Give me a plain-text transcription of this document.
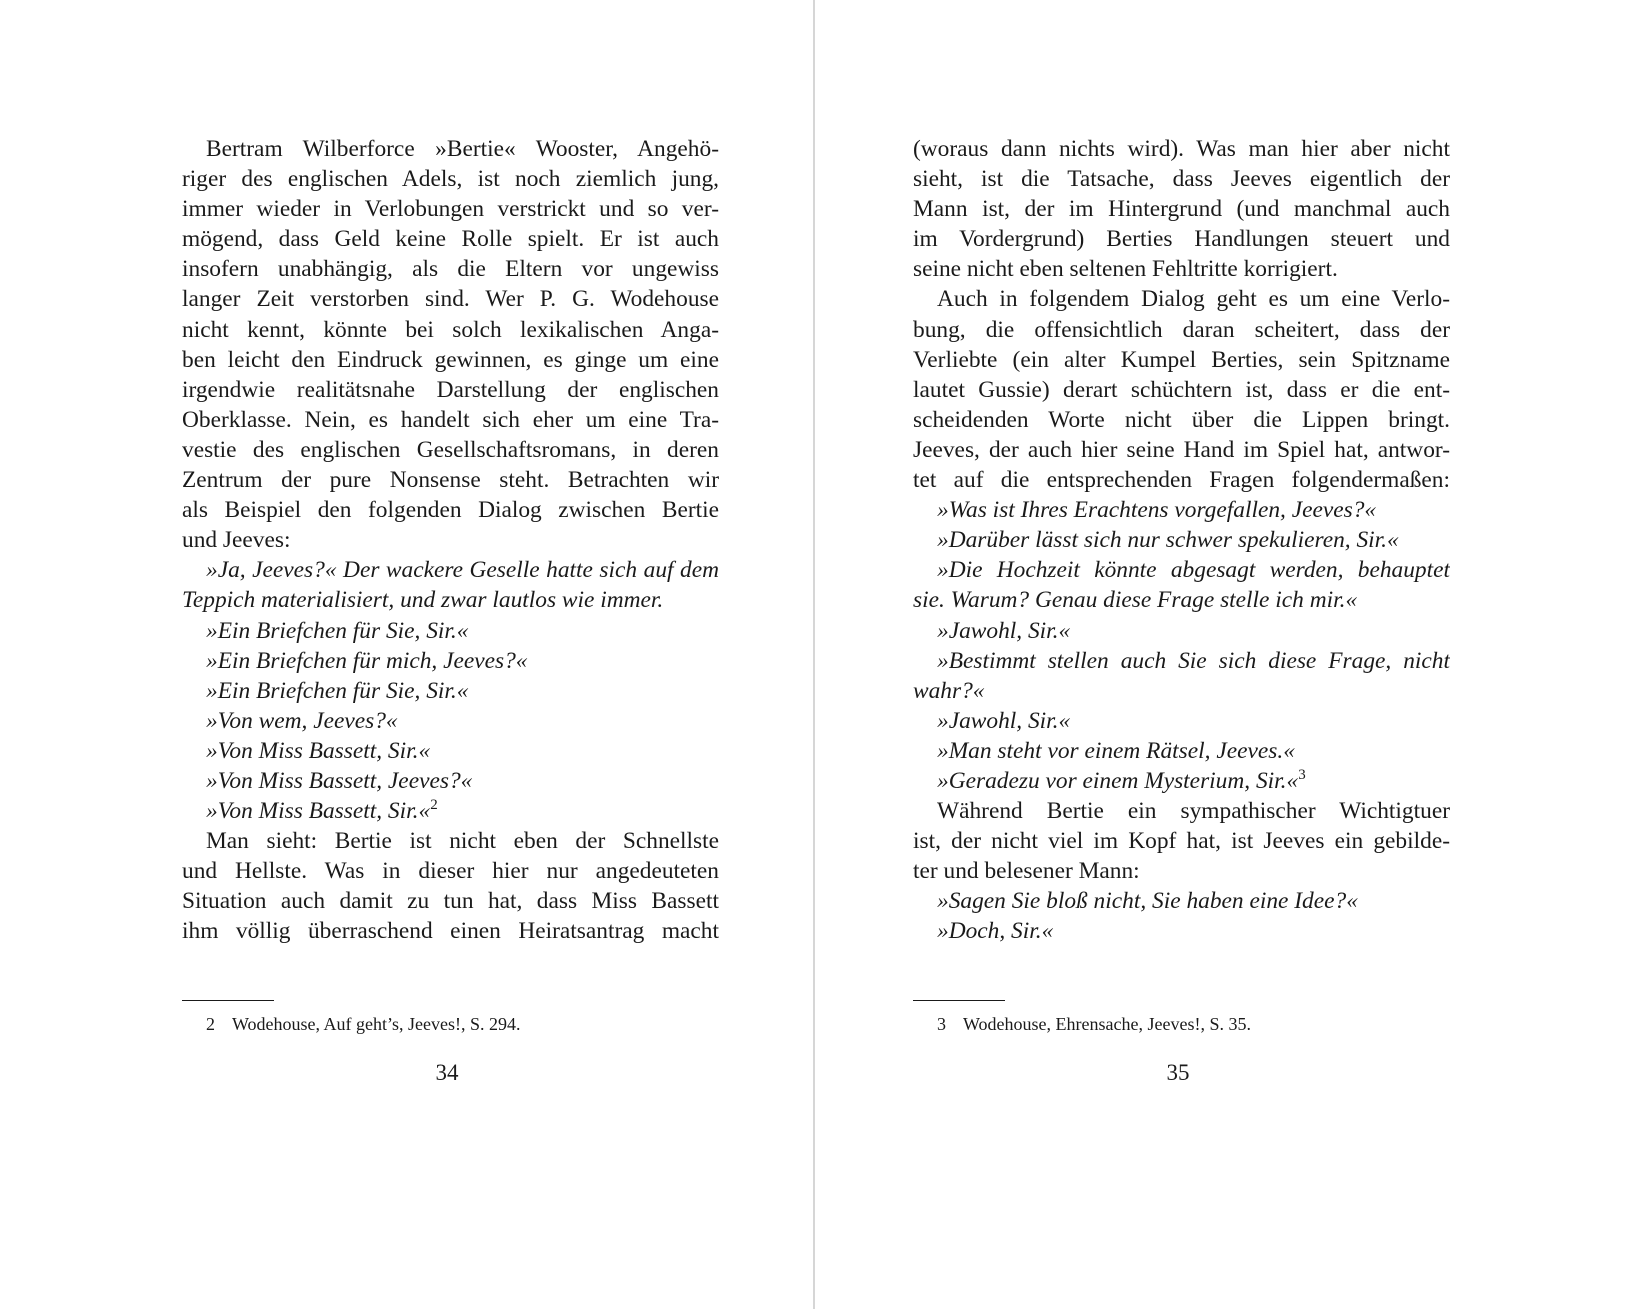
Bertram Wilberforce »Bertie« Wooster, Angehö-
riger des englischen Adels, ist noch ziemlich jung,
immer wieder in Verlobungen verstrickt und so ver-
mögend, dass Geld keine Rolle spielt. Er ist auch
insofern unabhängig, als die Eltern vor ungewiss
langer Zeit verstorben sind. Wer P. G. Wodehouse
nicht kennt, könnte bei solch lexikalischen Anga-
ben leicht den Eindruck gewinnen, es ginge um eine
irgendwie realitätsnahe Darstellung der englischen
Oberklasse. Nein, es handelt sich eher um eine Tra-
vestie des englischen Gesellschaftsromans, in deren
Zentrum der pure Nonsense steht. Betrachten wir
als Beispiel den folgenden Dialog zwischen Bertie
und Jeeves:
»Ja, Jeeves?« Der wackere Geselle hatte sich auf dem
Teppich materialisiert, und zwar lautlos wie immer.
»Ein Briefchen für Sie, Sir.«
»Ein Briefchen für mich, Jeeves?«
»Ein Briefchen für Sie, Sir.«
»Von wem, Jeeves?«
»Von Miss Bassett, Sir.«
»Von Miss Bassett, Jeeves?«
»Von Miss Bassett, Sir.«$^2$
Man sieht: Bertie ist nicht eben der Schnellste
und Hellste. Was in dieser hier nur angedeuteten
Situation auch damit zu tun hat, dass Miss Bassett
ihm völlig überraschend einen Heiratsantrag macht
2 Wodehouse, Auf geht’s, Jeeves!, S. 294.
34
(woraus dann nichts wird). Was man hier aber nicht
sieht, ist die Tatsache, dass Jeeves eigentlich der
Mann ist, der im Hintergrund (und manchmal auch
im Vordergrund) Berties Handlungen steuert und
seine nicht eben seltenen Fehltritte korrigiert.
Auch in folgendem Dialog geht es um eine Verlo-
bung, die offensichtlich daran scheitert, dass der
Verliebte (ein alter Kumpel Berties, sein Spitzname
lautet Gussie) derart schüchtern ist, dass er die ent-
scheidenden Worte nicht über die Lippen bringt.
Jeeves, der auch hier seine Hand im Spiel hat, antwor-
tet auf die entsprechenden Fragen folgendermaßen:
»Was ist Ihres Erachtens vorgefallen, Jeeves?«
»Darüber lässt sich nur schwer spekulieren, Sir.«
»Die Hochzeit könnte abgesagt werden, behauptet
sie. Warum? Genau diese Frage stelle ich mir.«
»Jawohl, Sir.«
»Bestimmt stellen auch Sie sich diese Frage, nicht
wahr?«
»Jawohl, Sir.«
»Man steht vor einem Rätsel, Jeeves.«
»Geradezu vor einem Mysterium, Sir.«$^3$
Während Bertie ein sympathischer Wichtigtuer
ist, der nicht viel im Kopf hat, ist Jeeves ein gebilde-
ter und belesener Mann:
»Sagen Sie bloß nicht, Sie haben eine Idee?«
»Doch, Sir.«
3 Wodehouse, Ehrensache, Jeeves!, S. 35.
35
